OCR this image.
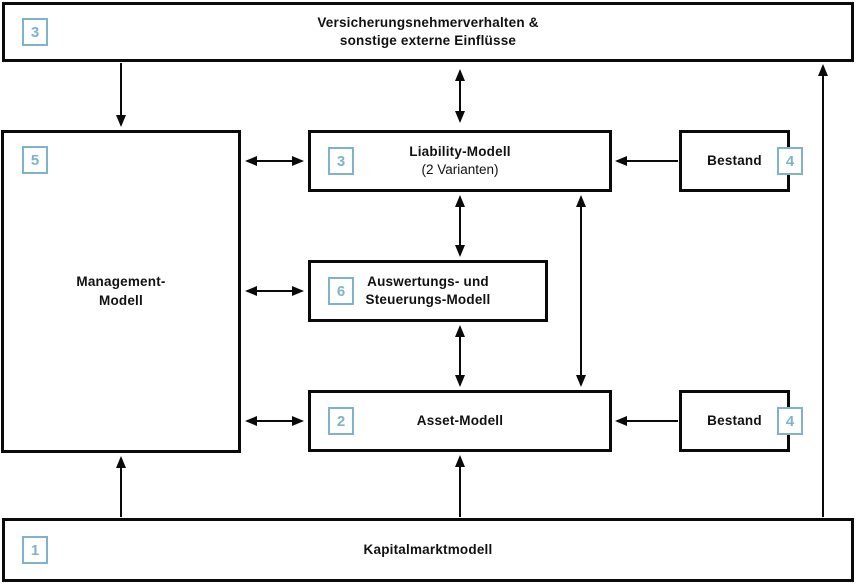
3
Versicherungsnehmerverhalten &
sonstige externe Einflüsse
5
Management-
Modell
3
Liability-Modell
(2 Varianten)
6
Auswertungs- und
Steuerungs-Modell
2	Asset-Modell
4
Bestand
4
Bestand
1	Kapitalmarktmodell
